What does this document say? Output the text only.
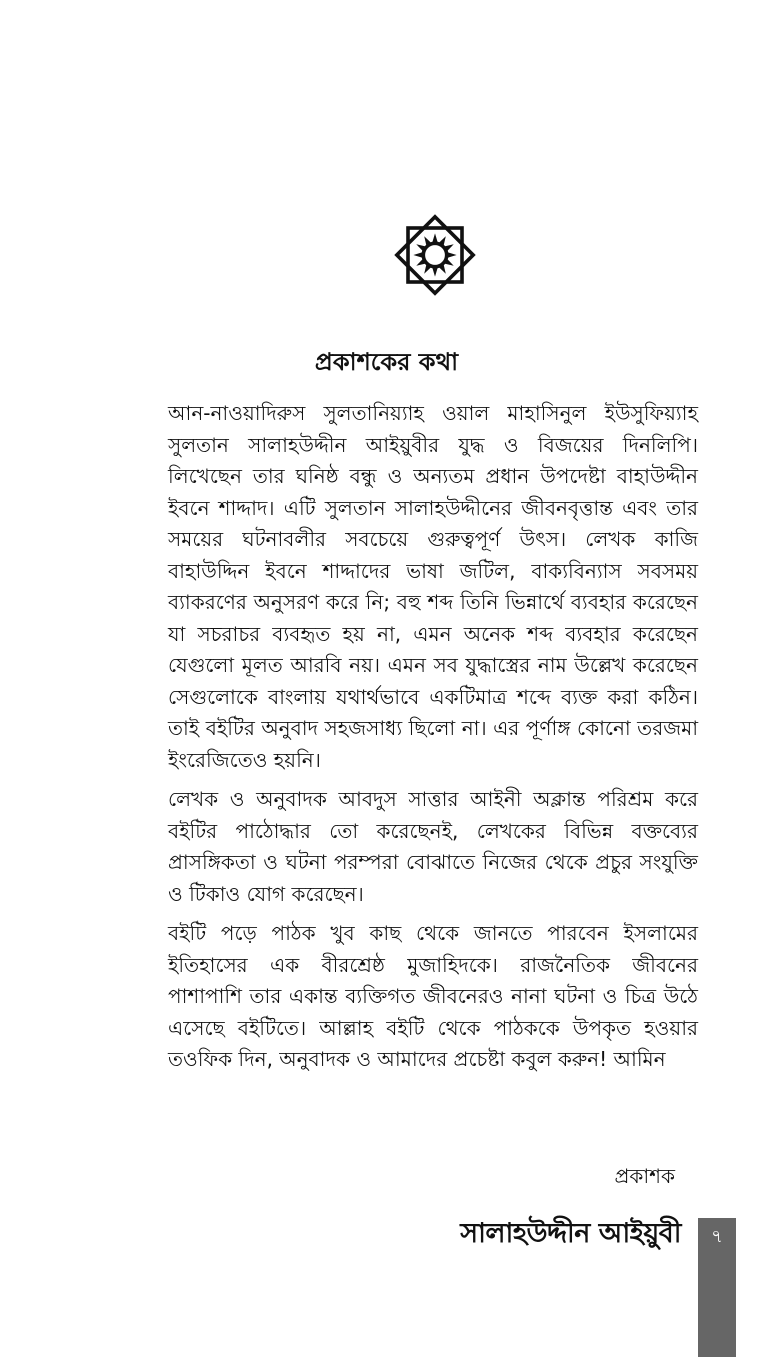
প্রকাশকের কথা

আন-নাওয়াদিরুস সুলতানিয়্যাহ ওয়াল মাহাসিনুল ইউসুফিয়্যাহ সুলতান সালাহউদ্দীন আইয়ুবীর যুদ্ধ ও বিজয়ের দিনলিপি। লিখেছেন তার ঘনিষ্ঠ বন্ধু ও অন্যতম প্রধান উপদেষ্টা বাহাউদ্দীন ইবনে শাদ্দাদ। এটি সুলতান সালাহউদ্দীনের জীবনবৃত্তান্ত এবং তার সময়ের ঘটনাবলীর সবচেয়ে গুরুত্বপূর্ণ উৎস। লেখক কাজি বাহাউদ্দিন ইবনে শাদ্দাদের ভাষা জটিল, বাক্যবিন্যাস সবসময় ব্যাকরণের অনুসরণ করে নি; বহু শব্দ তিনি ভিন্নার্থে ব্যবহার করেছেন যা সচরাচর ব্যবহৃত হয় না, এমন অনেক শব্দ ব্যবহার করেছেন যেগুলো মূলত আরবি নয়। এমন সব যুদ্ধাস্ত্রের নাম উল্লেখ করেছেন সেগুলোকে বাংলায় যথার্থভাবে একটিমাত্র শব্দে ব্যক্ত করা কঠিন। তাই বইটির অনুবাদ সহজসাধ্য ছিলো না। এর পূর্ণাঙ্গ কোনো তরজমা ইংরেজিতেও হয়নি।

লেখক ও অনুবাদক আবদুস সাত্তার আইনী অক্লান্ত পরিশ্রম করে বইটির পাঠোদ্ধার তো করেছেনই, লেখকের বিভিন্ন বক্তব্যের প্রাসঙ্গিকতা ও ঘটনা পরম্পরা বোঝাতে নিজের থেকে প্রচুর সংযুক্তি ও টিকাও যোগ করেছেন।

বইটি পড়ে পাঠক খুব কাছ থেকে জানতে পারবেন ইসলামের ইতিহাসের এক বীরশ্রেষ্ঠ মুজাহিদকে। রাজনৈতিক জীবনের পাশাপাশি তার একান্ত ব্যক্তিগত জীবনেরও নানা ঘটনা ও চিত্র উঠে এসেছে বইটিতে। আল্লাহ বইটি থেকে পাঠককে উপকৃত হওয়ার তওফিক দিন, অনুবাদক ও আমাদের প্রচেষ্টা কবুল করুন! আমিন

প্রকাশক
সালাহউদ্দীন আইয়ুবী	৭
